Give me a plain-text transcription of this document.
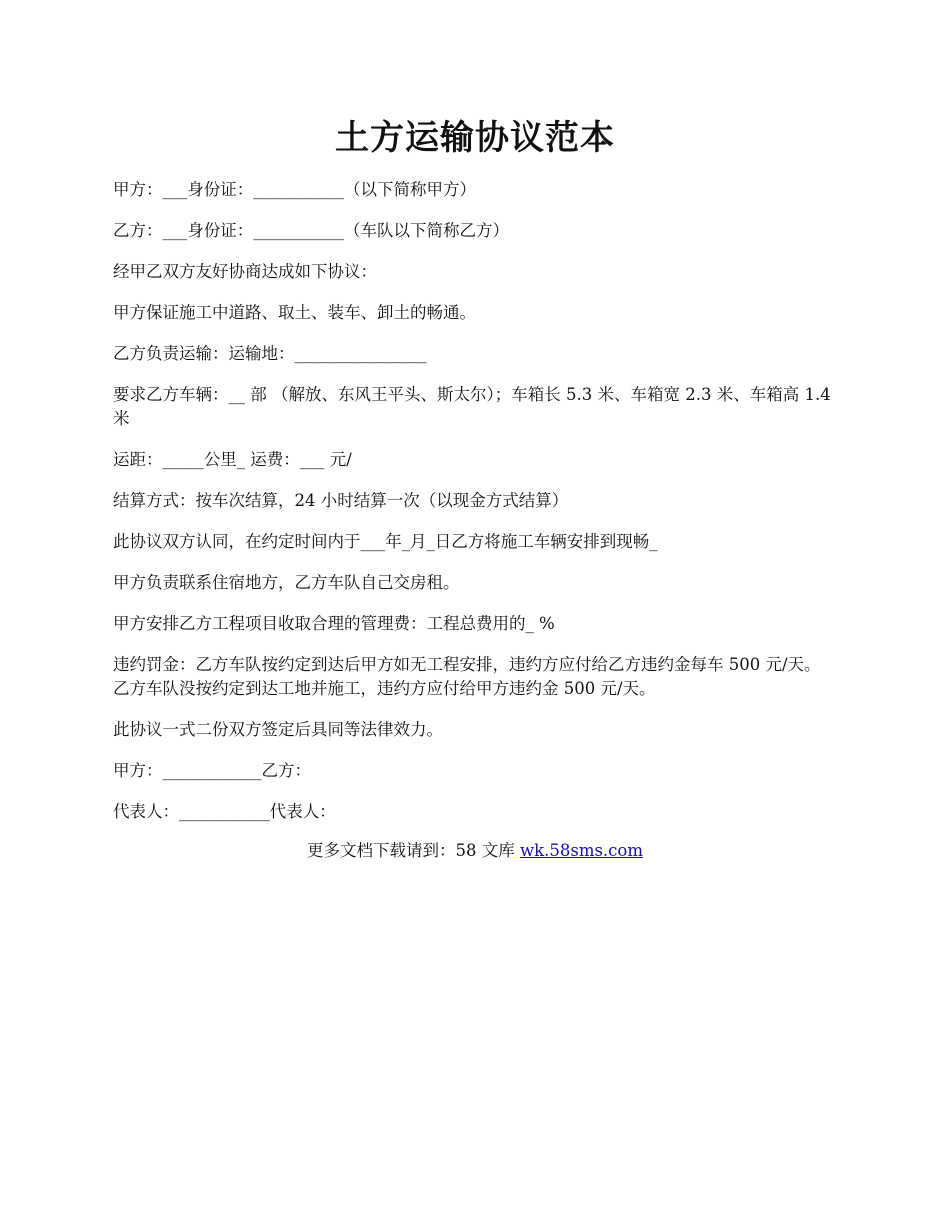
土方运输协议范本

甲方：___身份证：___________（以下简称甲方）

乙方：___身份证：___________（车队以下简称乙方）

经甲乙双方友好协商达成如下协议：

甲方保证施工中道路、取土、装车、卸土的畅通。

乙方负责运输：运输地：________________

要求乙方车辆：__ 部 （解放、东风王平头、斯太尔）；车箱长 5.3 米、车箱宽 2.3 米、车箱高 1.4 米

运距：_____公里_ 运费：___ 元/

结算方式：按车次结算，24 小时结算一次（以现金方式结算）

此协议双方认同，在约定时间内于___年_月_日乙方将施工车辆安排到现畅_

甲方负责联系住宿地方，乙方车队自己交房租。

甲方安排乙方工程项目收取合理的管理费：工程总费用的_ %

违约罚金：乙方车队按约定到达后甲方如无工程安排，违约方应付给乙方违约金每车 500 元/天。乙方车队没按约定到达工地并施工，违约方应付给甲方违约金 500 元/天。

此协议一式二份双方签定后具同等法律效力。

甲方：____________乙方：

代表人：___________代表人：

更多文档下载请到：58 文库 wk.58sms.com
